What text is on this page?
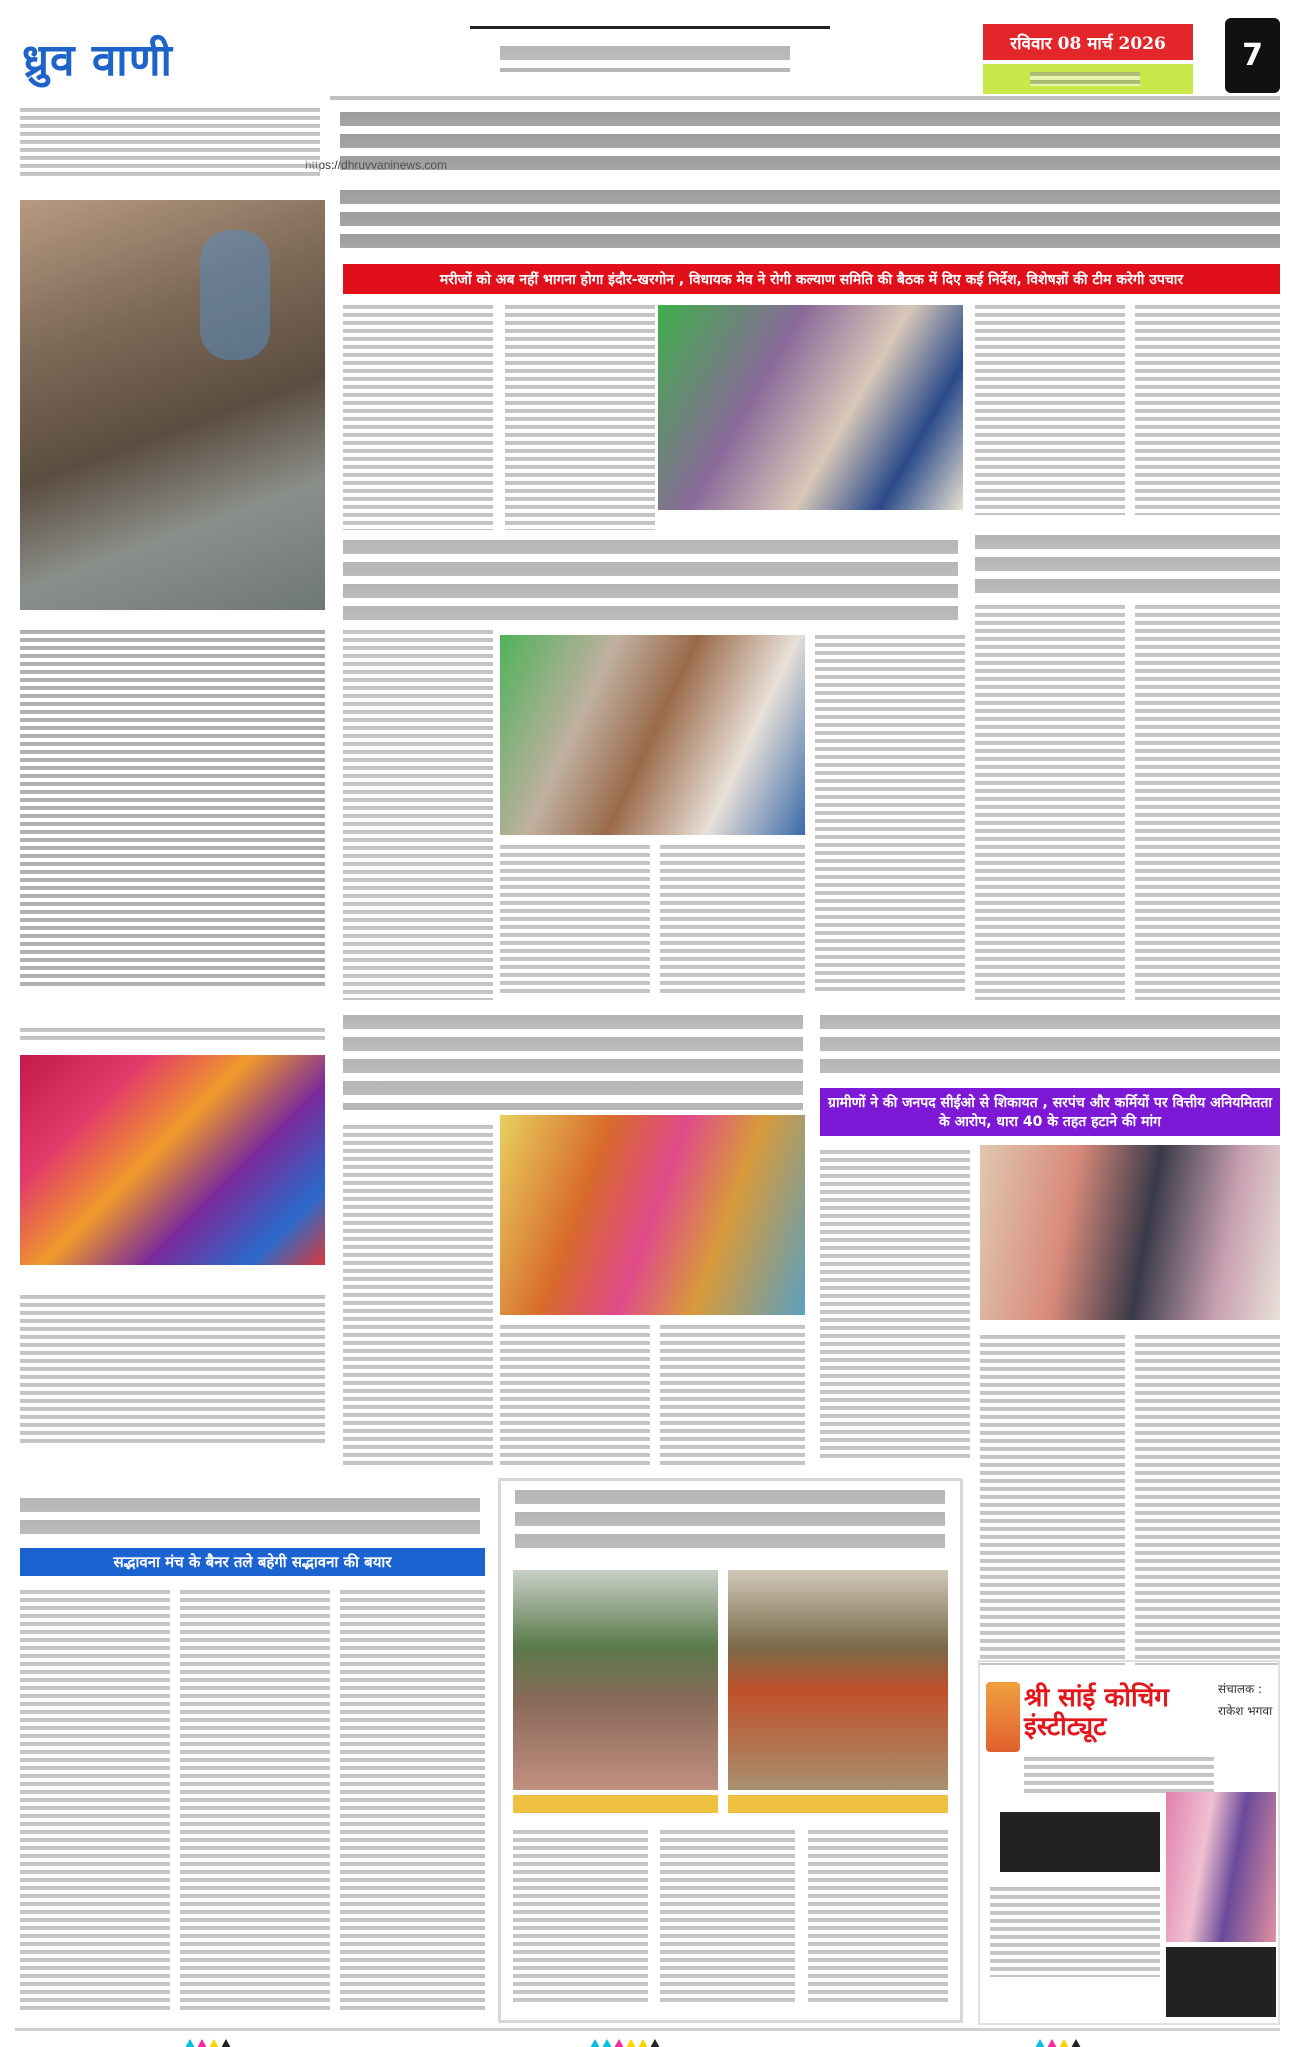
ध्रुव वाणी	रविवार 08 मार्च 2026	7
मरीजों को अब नहीं भागना होगा इंदौर-खरगोन , विधायक मेव ने रोगी कल्याण समिति की बैठक में दिए कई निर्देश, विशेषज्ञों की टीम करेगी उपचार
ग्रामीणों ने की जनपद सीईओ से शिकायत , सरपंच और कर्मियों पर वित्तीय अनियमितता के आरोप, धारा 40 के तहत हटाने की मांग
सद्भावना मंच के बैनर तले बहेगी सद्भावना की बयार
श्री सांई कोचिंग इंस्टीट्यूट
संचालक :
राकेश भगवा
